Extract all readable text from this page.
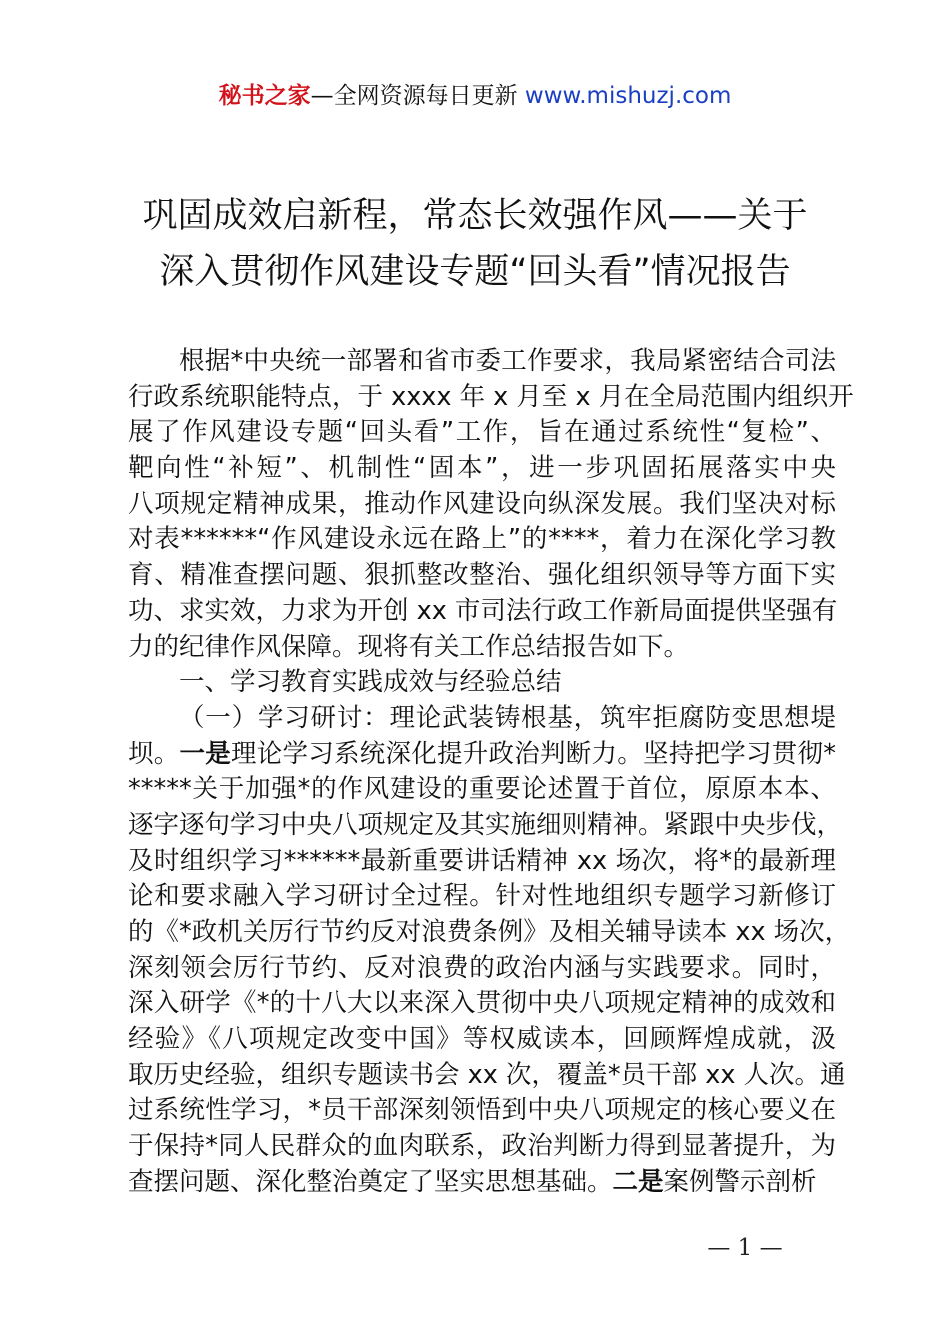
秘书之家—全网资源每日更新 www.mishuzj.com
巩固成效启新程，常态长效强作风——关于
深入贯彻作风建设专题“回头看”情况报告
根据*中央统一部署和省市委工作要求，我局紧密结合司法
行政系统职能特点，于 xxxx 年 x 月至 x 月在全局范围内组织开
展了作风建设专题“回头看”工作，旨在通过系统性“复检”、
靶向性“补短”、机制性“固本”，进一步巩固拓展落实中央
八项规定精神成果，推动作风建设向纵深发展。我们坚决对标
对表******“作风建设永远在路上”的****，着力在深化学习教
育、精准查摆问题、狠抓整改整治、强化组织领导等方面下实
功、求实效，力求为开创 xx 市司法行政工作新局面提供坚强有
力的纪律作风保障。现将有关工作总结报告如下。
一、学习教育实践成效与经验总结
（一）学习研讨：理论武装铸根基，筑牢拒腐防变思想堤
坝。一是理论学习系统深化提升政治判断力。坚持把学习贯彻*
*****关于加强*的作风建设的重要论述置于首位，原原本本、
逐字逐句学习中央八项规定及其实施细则精神。紧跟中央步伐，
及时组织学习******最新重要讲话精神 xx 场次，将*的最新理
论和要求融入学习研讨全过程。针对性地组织专题学习新修订
的《*政机关厉行节约反对浪费条例》及相关辅导读本 xx 场次，
深刻领会厉行节约、反对浪费的政治内涵与实践要求。同时，
深入研学《*的十八大以来深入贯彻中央八项规定精神的成效和
经验》《八项规定改变中国》等权威读本，回顾辉煌成就，汲
取历史经验，组织专题读书会 xx 次，覆盖*员干部 xx 人次。通
过系统性学习，*员干部深刻领悟到中央八项规定的核心要义在
于保持*同人民群众的血肉联系，政治判断力得到显著提升，为
查摆问题、深化整治奠定了坚实思想基础。二是案例警示剖析
— 1 —
